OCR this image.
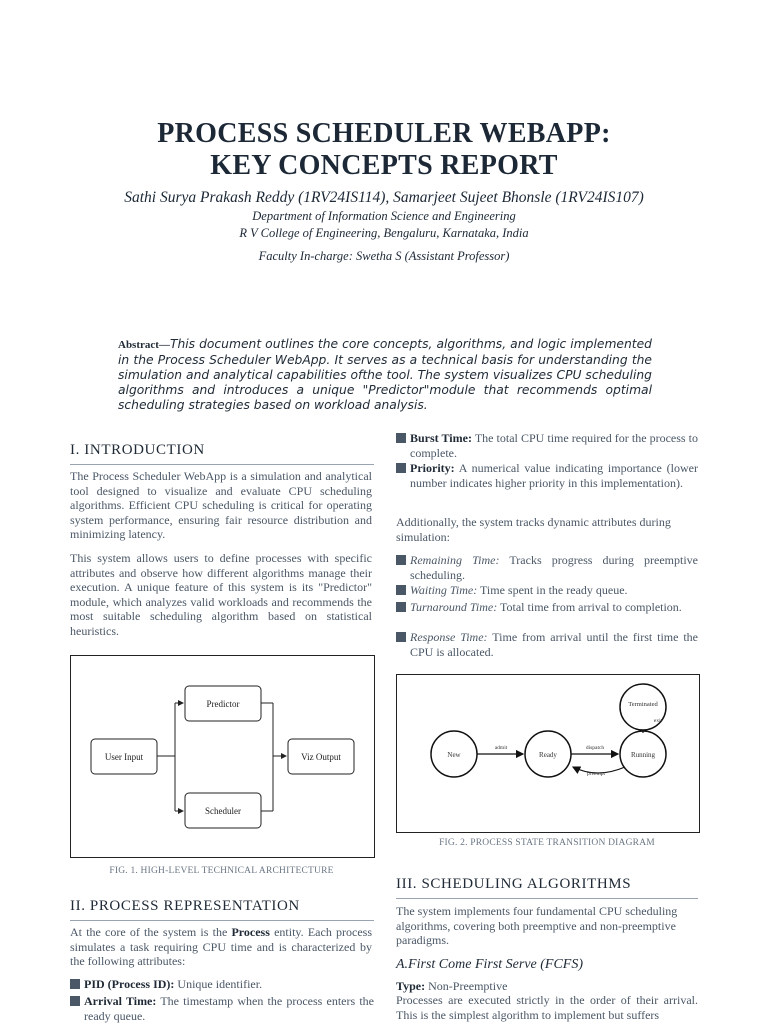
PROCESS SCHEDULER WEBAPP:
KEY CONCEPTS REPORT
Sathi Surya Prakash Reddy (1RV24IS114), Samarjeet Sujeet Bhonsle (1RV24IS107)
Department of Information Science and Engineering
R V College of Engineering, Bengaluru, Karnataka, India
Faculty In-charge: Swetha S (Assistant Professor)
Abstract—This document outlines the core concepts, algorithms, and logic implemented in the Process Scheduler WebApp. It serves as a technical basis for understanding the simulation and analytical capabilities ofthe tool. The system visualizes CPU scheduling algorithms and introduces a unique "Predictor"module that recommends optimal scheduling strategies based on workload analysis.
I. INTRODUCTION
The Process Scheduler WebApp is a simulation and analytical tool designed to visualize and evaluate CPU scheduling algorithms. Efficient CPU scheduling is critical for operating system performance, ensuring fair resource distribution and minimizing latency.
This system allows users to define processes with specific attributes and observe how different algorithms manage their execution. A unique feature of this system is its "Predictor" module, which analyzes valid workloads and recommends the most suitable scheduling algorithm based on statistical heuristics.
User Input
Predictor
Scheduler
Viz Output
FIG. 1. HIGH-LEVEL TECHNICAL ARCHITECTURE
II. PROCESS REPRESENTATION
At the core of the system is the Process entity. Each process simulates a task requiring CPU time and is characterized by the following attributes:
PID (Process ID): Unique identifier.
Arrival Time: The timestamp when the process enters the ready queue.
Burst Time: The total CPU time required for the process to complete.
Priority: A numerical value indicating importance (lower number indicates higher priority in this implementation).
Additionally, the system tracks dynamic attributes during simulation:
Remaining Time: Tracks progress during preemptive scheduling.
Waiting Time: Time spent in the ready queue.
Turnaround Time: Total time from arrival to completion.
Response Time: Time from arrival until the first time the CPU is allocated.
New	Ready	Running
Terminated
admit	dispatch
preempt
exit
FIG. 2. PROCESS STATE TRANSITION DIAGRAM
III. SCHEDULING ALGORITHMS
The system implements four fundamental CPU scheduling algorithms, covering both preemptive and non-preemptive paradigms.
A.First Come First Serve (FCFS)
Type: Non-Preemptive
Processes are executed strictly in the order of their arrival. This is the simplest algorithm to implement but suffers
